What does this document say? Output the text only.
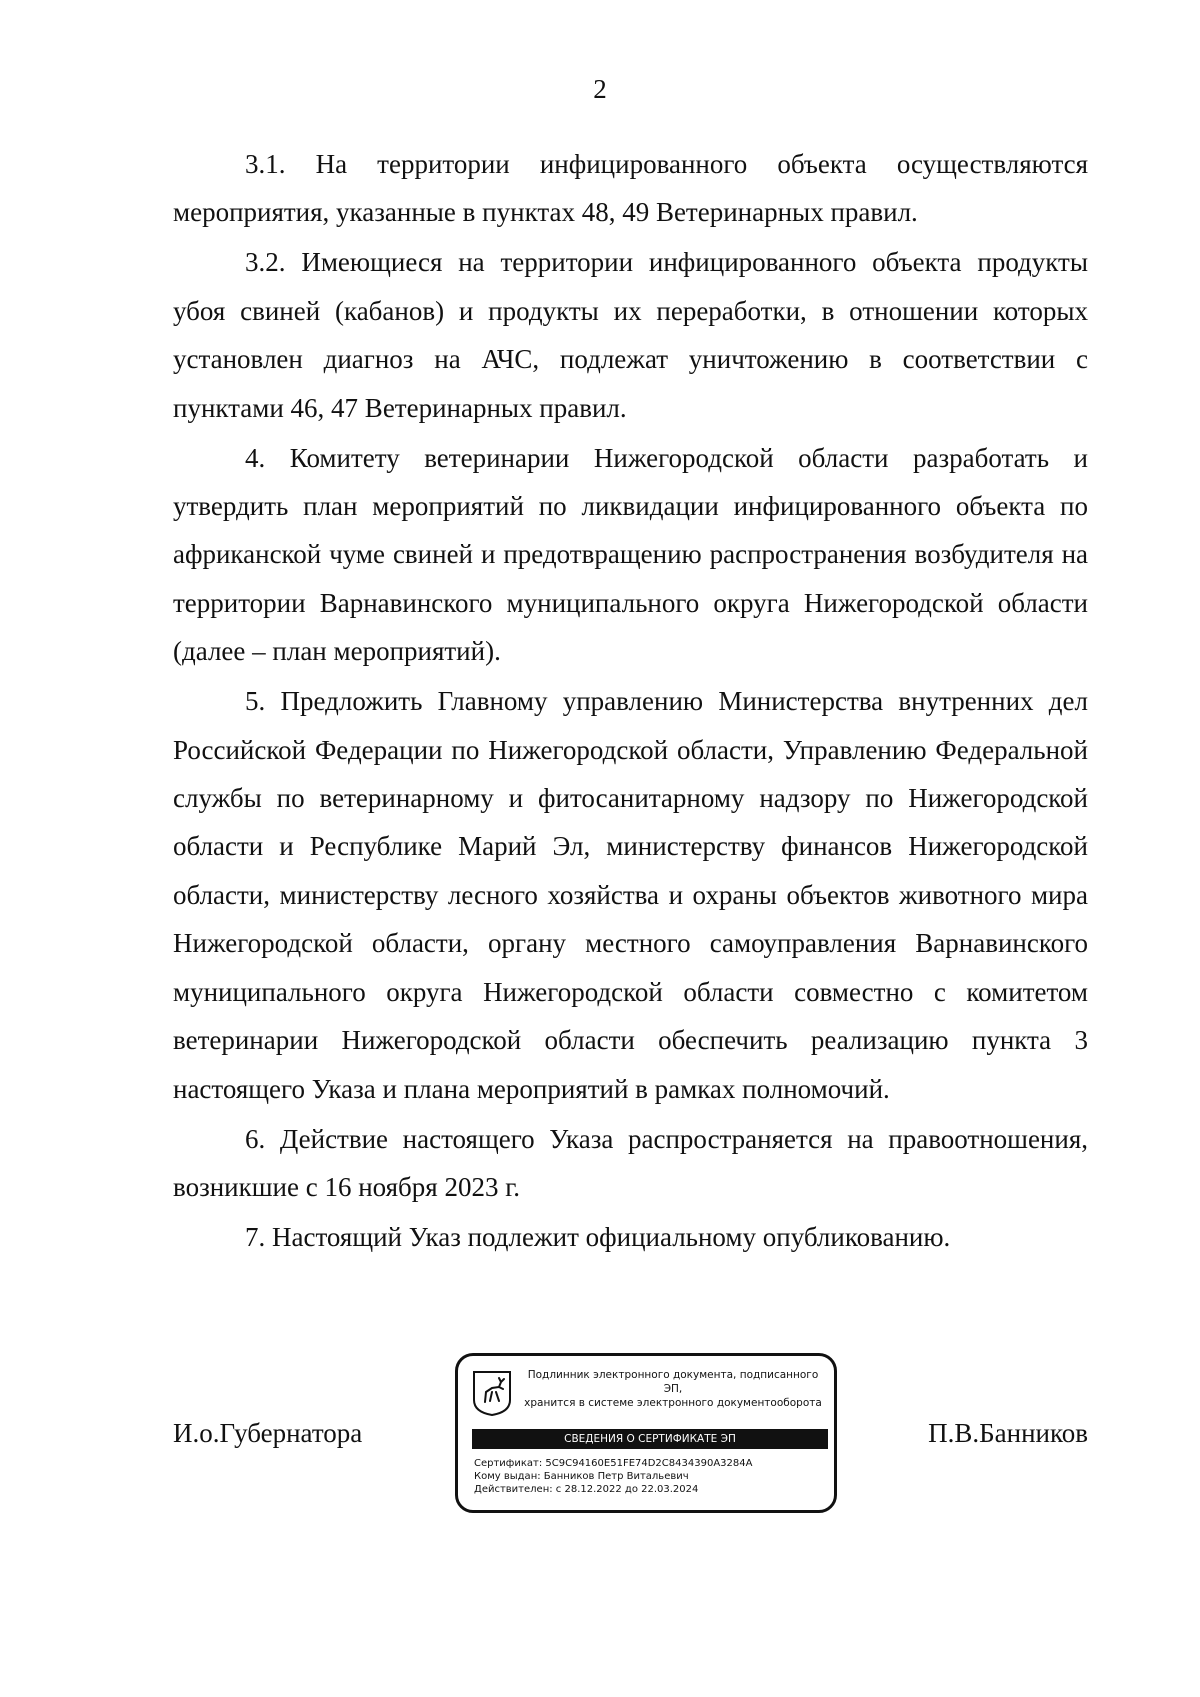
2

3.1. На территории инфицированного объекта осуществляются мероприятия, указанные в пунктах 48, 49 Ветеринарных правил.

3.2. Имеющиеся на территории инфицированного объекта продукты убоя свиней (кабанов) и продукты их переработки, в отношении которых установлен диагноз на АЧС, подлежат уничтожению в соответствии с пунктами 46, 47 Ветеринарных правил.

4. Комитету ветеринарии Нижегородской области разработать и утвердить план мероприятий по ликвидации инфицированного объекта по африканской чуме свиней и предотвращению распространения возбудителя на территории Варнавинского муниципального округа Нижегородской области (далее – план мероприятий).

5. Предложить Главному управлению Министерства внутренних дел Российской Федерации по Нижегородской области, Управлению Федеральной службы по ветеринарному и фитосанитарному надзору по Нижегородской области и Республике Марий Эл, министерству финансов Нижегородской области, министерству лесного хозяйства и охраны объектов животного мира Нижегородской области, органу местного самоуправления Варнавинского муниципального округа Нижегородской области совместно с комитетом ветеринарии Нижегородской области обеспечить реализацию пункта 3 настоящего Указа и плана мероприятий в рамках полномочий.

6. Действие настоящего Указа распространяется на правоотношения, возникшие с 16 ноября 2023 г.

7. Настоящий Указ подлежит официальному опубликованию.

И.о.Губернатора
Подлинник электронного документа, подписанного ЭП,
хранится в системе электронного документооборота
СВЕДЕНИЯ О СЕРТИФИКАТЕ ЭП
Сертификат: 5C9C94160E51FE74D2C8434390A3284A
Кому выдан: Банников Петр Витальевич
Действителен: с 28.12.2022 до 22.03.2024
П.В.Банников
